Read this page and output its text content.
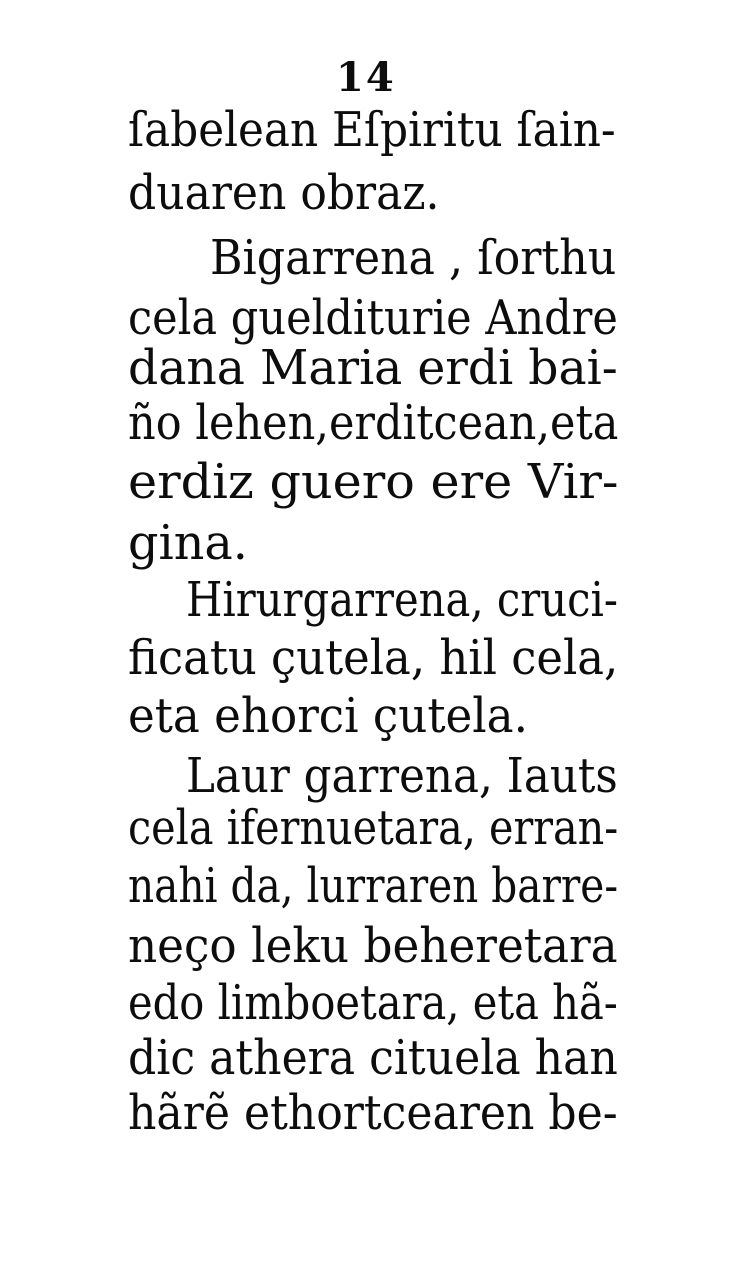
14
ſabelean Eſpiritu ſain-
duaren obraz.
Bigarrena , ſorthu
cela guelditurie Andre
dana Maria erdi bai-
ño lehen,erditcean,eta
erdiz guero ere Vir-
gina.
Hirurgarrena, cruci-
ficatu çutela, hil cela,
eta ehorci çutela.
Laur garrena, Iauts
cela ifernuetara, erran-
nahi da, lurraren barre-
neço leku beheretara
edo limboetara, eta hã-
dic athera cituela han
hãrẽ ethortcearen be-
